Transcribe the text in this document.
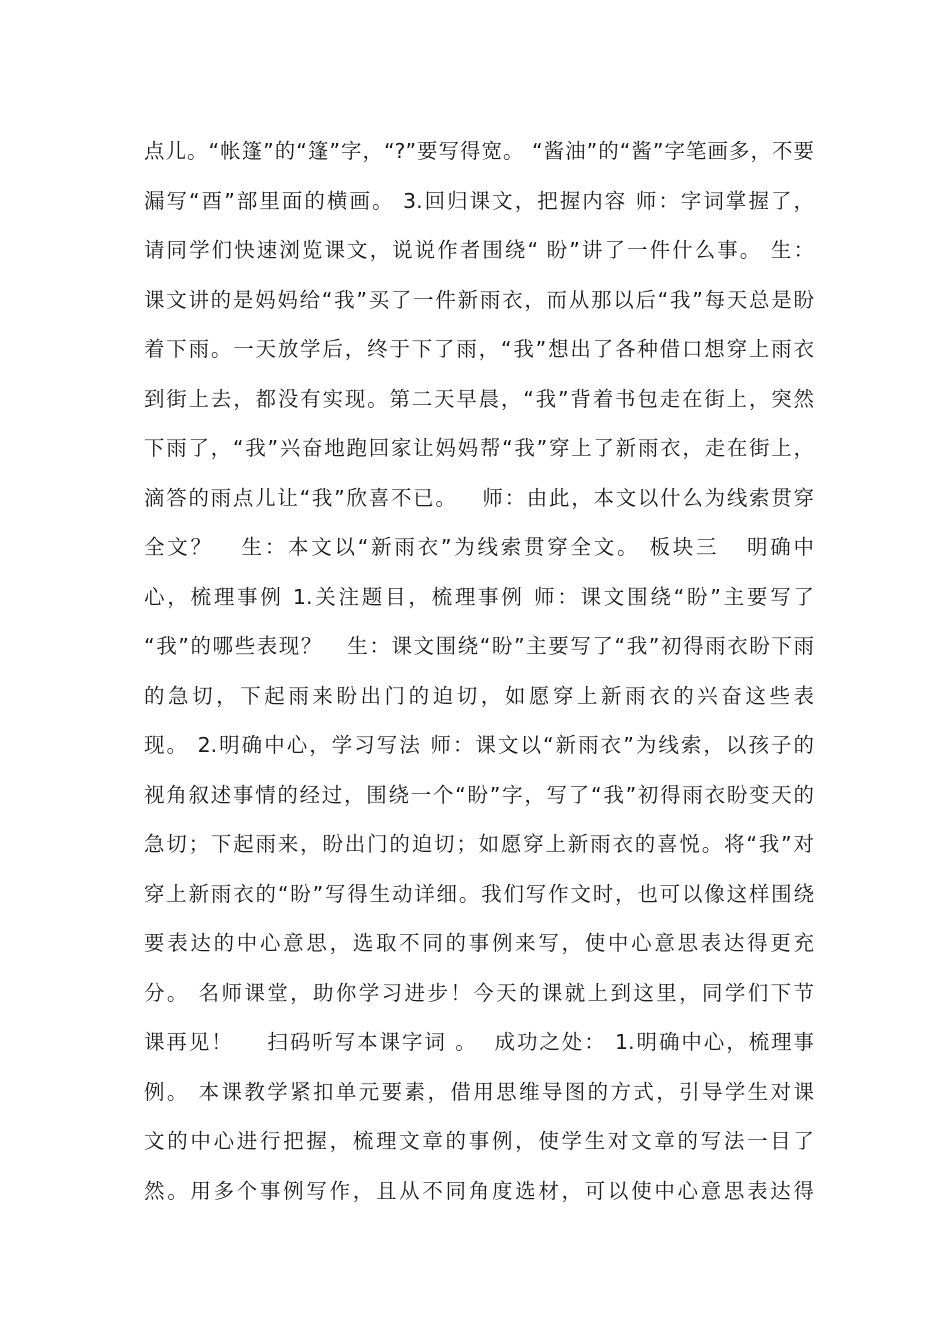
点儿。“帐篷”的“篷”字，“?”要写得宽。 “酱油”的“酱”字笔画多，不要
漏写“酉”部里面的横画。 3.回归课文，把握内容 师：字词掌握了，
请同学们快速浏览课文，说说作者围绕“ 盼”讲了一件什么事。 生：
课文讲的是妈妈给“我”买了一件新雨衣，而从那以后“我”每天总是盼
着下雨。一天放学后，终于下了雨，“我”想出了各种借口想穿上雨衣
到街上去，都没有实现。第二天早晨，“我”背着书包走在街上，突然
下雨了，“我”兴奋地跑回家让妈妈帮“我”穿上了新雨衣，走在街上，
滴答的雨点儿让“我”欣喜不已。   师：由此，本文以什么为线索贯穿
全文？   生：本文以“新雨衣”为线索贯穿全文。 板块三   明确中
心，梳理事例 1.关注题目，梳理事例 师：课文围绕“盼”主要写了
“我”的哪些表现？   生：课文围绕“盼”主要写了“我”初得雨衣盼下雨
的急切，下起雨来盼出门的迫切，如愿穿上新雨衣的兴奋这些表
现。 2.明确中心，学习写法 师：课文以“新雨衣”为线索，以孩子的
视角叙述事情的经过，围绕一个“盼”字，写了“我”初得雨衣盼变天的
急切；下起雨来，盼出门的迫切；如愿穿上新雨衣的喜悦。将“我”对
穿上新雨衣的“盼”写得生动详细。我们写作文时，也可以像这样围绕
要表达的中心意思，选取不同的事例来写，使中心意思表达得更充
分。 名师课堂，助你学习进步！今天的课就上到这里，同学们下节
课再见！    扫码听写本课字词 。  成功之处： 1.明确中心，梳理事
例。 本课教学紧扣单元要素，借用思维导图的方式，引导学生对课
文的中心进行把握，梳理文章的事例，使学生对文章的写法一目了
然。用多个事例写作，且从不同角度选材，可以使中心意思表达得
